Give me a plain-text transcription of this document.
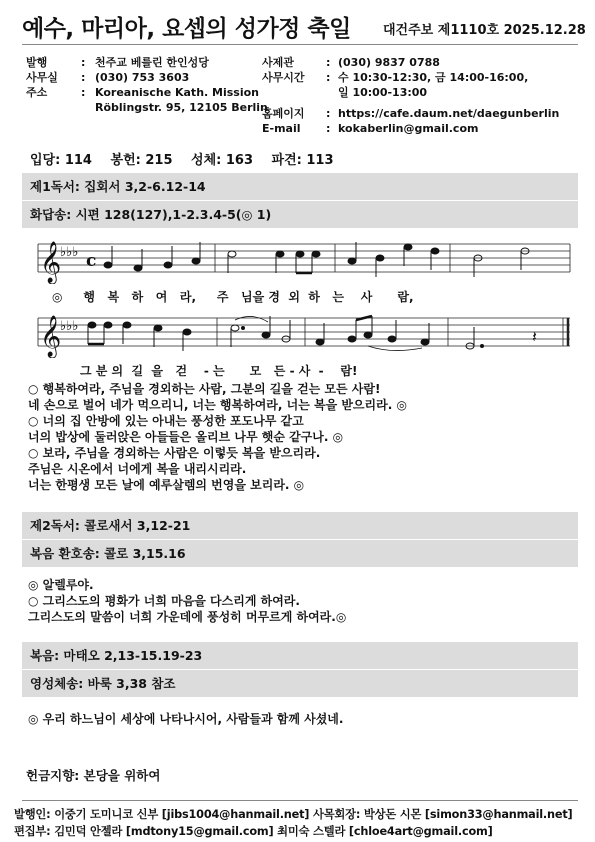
예수, 마리아, 요셉의 성가정 축일 대건주보 제1110호 2025.12.28
발행	: 천주교 베를린 한인성당
사무실	: (030) 753 3603
주소	: Koreanische Kath. Mission
Röblingstr. 95, 12105 Berlin
사제관	: (030) 9837 0788
사무시간	: 수 10:30-12:30, 금 14:00-16:00,
일 10:00-13:00
홈페이지	: https://cafe.daum.net/daegunberlin
E-mail	: kokaberlin@gmail.com
입당: 114 봉헌: 215 성체: 163 파견: 113
제1독서: 집회서 3,2-6.12-14
화답송: 시편 128(127),1-2.3.4-5(◎ 1)
𝄞
♭♭♭ c
◎     행   복   하   여   라,     주   님을 경  외  하   는    사      람,
𝄞
♭♭♭
𝄽
그 분 의  길  을   걷    - 는      모   든 - 사  -    람!
○ 행복하여라, 주님을 경외하는 사람, 그분의 길을 걷는 모든 사람!
네 손으로 벌어 네가 먹으리니, 너는 행복하여라, 너는 복을 받으리라. ◎
○ 너의 집 안방에 있는 아내는 풍성한 포도나무 같고
너의 밥상에 둘러앉은 아들들은 올리브 나무 햇순 같구나. ◎
○ 보라, 주님을 경외하는 사람은 이렇듯 복을 받으리라.
주님은 시온에서 너에게 복을 내리시리라.
너는 한평생 모든 날에 예루살렘의 번영을 보리라. ◎
제2독서: 콜로새서 3,12-21
복음 환호송: 콜로 3,15.16
◎ 알렐루야.
○ 그리스도의 평화가 너희 마음을 다스리게 하여라.
그리스도의 말씀이 너희 가운데에 풍성히 머무르게 하여라.◎
복음: 마태오 2,13-15.19-23
영성체송: 바룩 3,38 참조
◎ 우리 하느님이 세상에 나타나시어, 사람들과 함께 사셨네.
헌금지향: 본당을 위하여
발행인: 이중기 도미니코 신부 [jibs1004@hanmail.net] 사목회장: 박상돈 시몬 [simon33@hanmail.net]
편집부: 김민덕 안젤라 [mdtony15@gmail.com] 최미숙 스텔라 [chloe4art@gmail.com]
